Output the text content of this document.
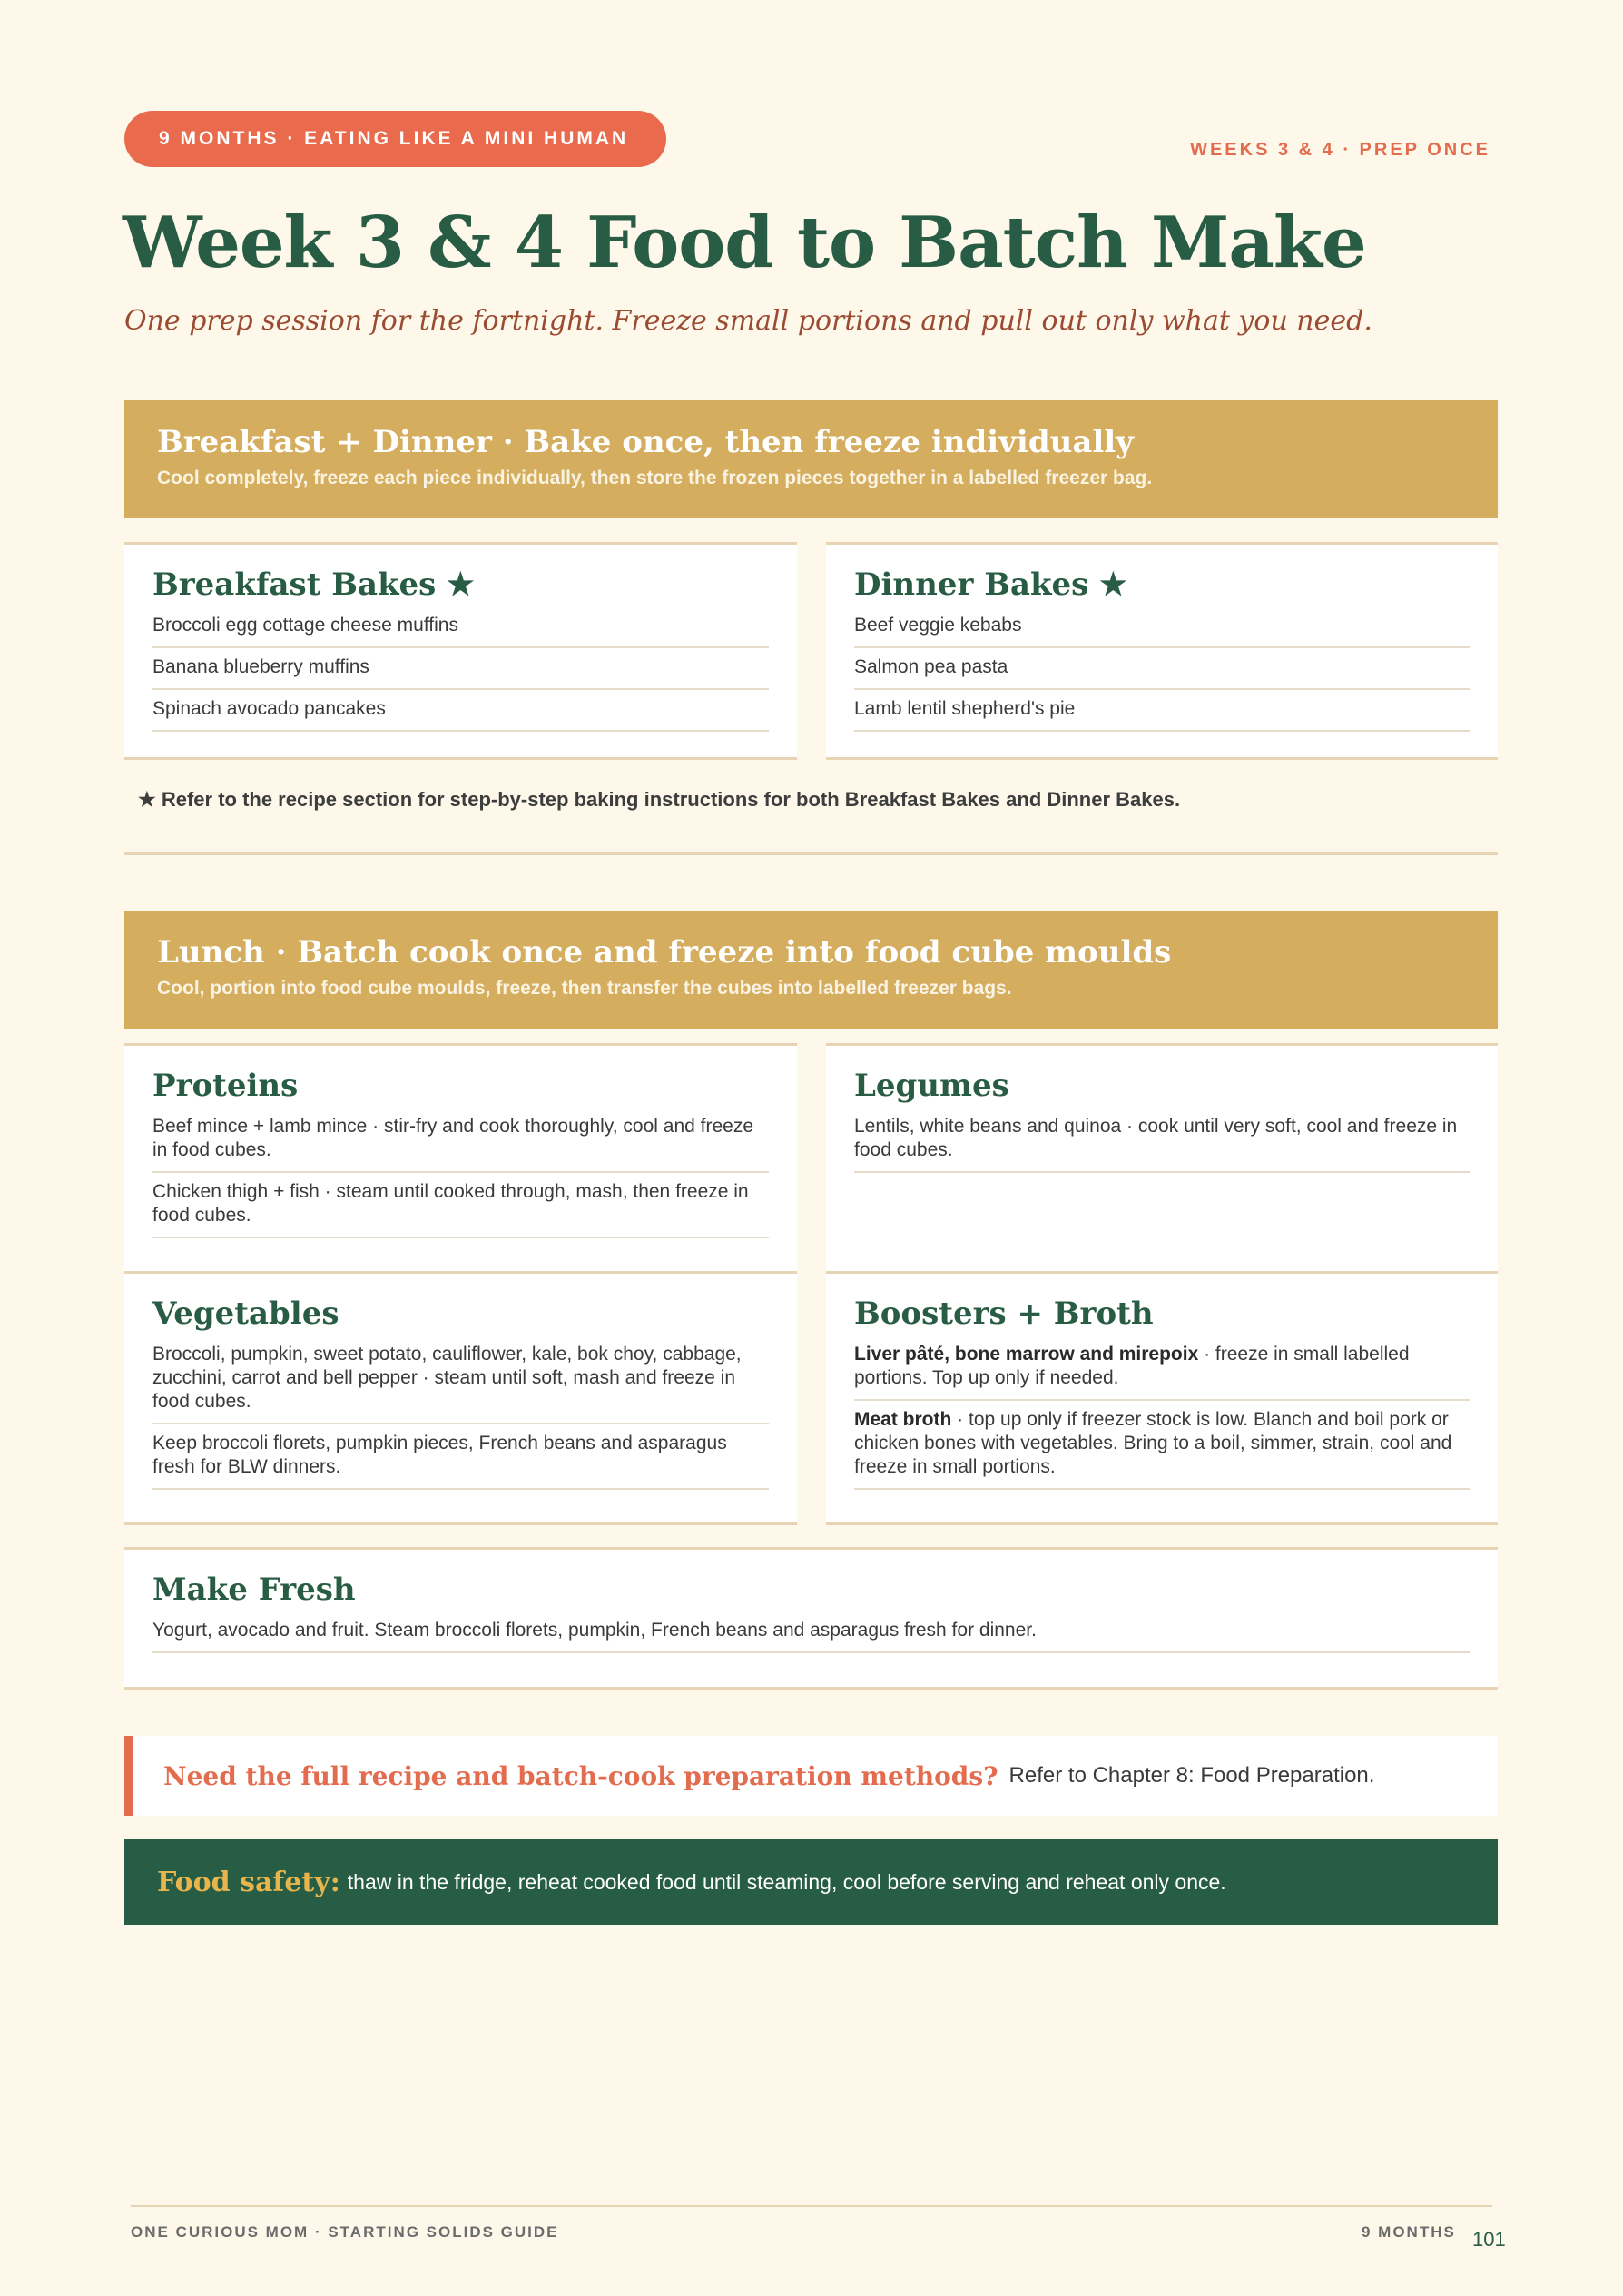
9 MONTHS · EATING LIKE A MINI HUMAN
WEEKS 3 & 4 · PREP ONCE
Week 3 & 4 Food to Batch Make
One prep session for the fortnight. Freeze small portions and pull out only what you need.
Breakfast + Dinner · Bake once, then freeze individually

Cool completely, freeze each piece individually, then store the frozen pieces together in a labelled freezer bag.

Breakfast Bakes ★
Broccoli egg cottage cheese muffins
Banana blueberry muffins
Spinach avocado pancakes
Dinner Bakes ★
Beef veggie kebabs
Salmon pea pasta
Lamb lentil shepherd's pie
★ Refer to the recipe section for step-by-step baking instructions for both Breakfast Bakes and Dinner Bakes.
Lunch · Batch cook once and freeze into food cube moulds

Cool, portion into food cube moulds, freeze, then transfer the cubes into labelled freezer bags.

Proteins
Beef mince + lamb mince · stir-fry and cook thoroughly, cool and freeze in food cubes.
Chicken thigh + fish · steam until cooked through, mash, then freeze in food cubes.
Legumes
Lentils, white beans and quinoa · cook until very soft, cool and freeze in food cubes.
Vegetables
Broccoli, pumpkin, sweet potato, cauliflower, kale, bok choy, cabbage, zucchini, carrot and bell pepper · steam until soft, mash and freeze in food cubes.
Keep broccoli florets, pumpkin pieces, French beans and asparagus fresh for BLW dinners.
Boosters + Broth
Liver pâté, bone marrow and mirepoix · freeze in small labelled portions. Top up only if needed.
Meat broth · top up only if freezer stock is low. Blanch and boil pork or chicken bones with vegetables. Bring to a boil, simmer, strain, cool and freeze in small portions.
Make Fresh
Yogurt, avocado and fruit. Steam broccoli florets, pumpkin, French beans and asparagus fresh for dinner.
Need the full recipe and batch-cook preparation methods? Refer to Chapter 8: Food Preparation.
Food safety: thaw in the fridge, reheat cooked food until steaming, cool before serving and reheat only once.
ONE CURIOUS MOM · STARTING SOLIDS GUIDE	9 MONTHS 101
